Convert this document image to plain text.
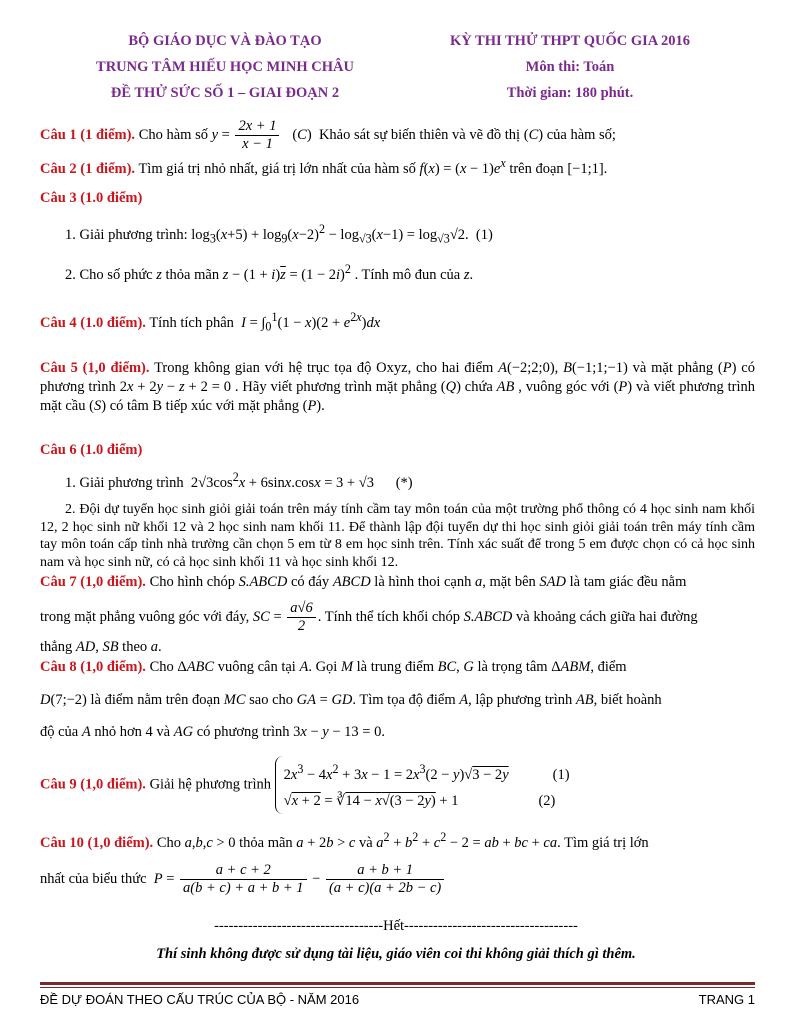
BỘ GIÁO DỤC VÀ ĐÀO TẠO
TRUNG TÂM HIẾU HỌC MINH CHÂU
ĐỀ THỬ SỨC SỐ 1 – GIAI ĐOẠN 2
KỲ THI THỬ THPT QUỐC GIA 2016
Môn thi: Toán
Thời gian: 180 phút.
Câu 1 (1 điểm). Cho hàm số $y = \frac{2x + 1}{x - 1} (C)$  Khảo sát sự biến thiên và vẽ đồ thị (C) của hàm số;
Câu 2 (1 điểm). Tìm giá trị nhỏ nhất, giá trị lớn nhất của hàm số $f(x) = (x - 1)e^x$ trên đoạn [−1;1].
Câu 3 (1.0 điểm)
1. Giải phương trình: $\log_3(x+5) + \log_9(x-2)^2 - \log_{√3}(x-1) = \log_{√3}√2$.  (1)
2. Cho số phức z thỏa mãn $z - (1 + i)\overline{z} = (1 - 2i)^2$ . Tính mô đun của z.
Câu 4 (1.0 điểm). Tính tích phân $I = \int_0^1(1 - x)(2 + e^{2x})dx$
Câu 5 (1,0 điểm). Trong không gian với hệ trục tọa độ Oxyz, cho hai điểm A(−2;2;0), B(−1;1;−1) và mặt phẳng (P) có phương trình 2x + 2y − z + 2 = 0 . Hãy viết phương trình mặt phẳng (Q) chứa AB , vuông góc với (P) và viết phương trình mặt cầu (S) có tâm B tiếp xúc với mặt phẳng (P).
Câu 6 (1.0 điểm)
1. Giải phương trình  $2√3\cos^2x + 6\sin x.\cos x = 3 + √3$      (*)
2. Đội dự tuyển học sinh giỏi giải toán trên máy tính cầm tay môn toán của một trường phổ thông có 4 học sinh nam khối 12, 2 học sinh nữ khối 12 và 2 học sinh nam khối 11. Để thành lập đội tuyển dự thi học sinh giỏi giải toán trên máy tính cầm tay môn toán cấp tỉnh nhà trường cần chọn 5 em từ 8 em học sinh trên. Tính xác suất để trong 5 em được chọn có cả học sinh nam và học sinh nữ, có cả học sinh khối 11 và học sinh khối 12.
Câu 7 (1,0 điểm). Cho hình chóp S.ABCD có đáy ABCD là hình thoi cạnh a, mặt bên SAD là tam giác đều nằm
trong mặt phẳng vuông góc với đáy, SC = $\frac{a√6}{2}$ . Tính thể tích khối chóp S.ABCD và khoảng cách giữa hai đường
thẳng AD, SB theo a.
Câu 8 (1,0 điểm). Cho ΔABC vuông cân tại A. Gọi M là trung điểm BC, G là trọng tâm ΔABM, điểm
D(7;−2) là điểm nằm trên đoạn MC sao cho GA = GD. Tìm tọa độ điểm A, lập phương trình AB, biết hoành
độ của A nhỏ hơn 4 và AG có phương trình 3x − y − 13 = 0.
Câu 9 (1,0 điểm). Giải hệ phương trình
$2x^3 - 4x^2 + 3x - 1 = 2x^3(2 - y)√3 - 2y$	(1)
√x + 2 = ∛14 − x√(3 − 2y) + 1	(2)
Câu 10 (1,0 điểm). Cho a,b,c > 0 thỏa mãn a + 2b > c và $a^2 + b^2 + c^2 - 2$ = ab + bc + ca. Tìm giá trị lớn
nhất của biểu thức $P = \frac{a + c + 2}{a(b + c) + a + b + 1} - \frac{a + b + 1}{(a + c)(a + 2b - c)}$
-----------------------------------Hết------------------------------------
Thí sinh không được sử dụng tài liệu, giáo viên coi thi không giải thích gì thêm.
ĐỀ DỰ ĐOÁN THEO CẤU TRÚC CỦA BỘ - NĂM 2016	TRANG 1
